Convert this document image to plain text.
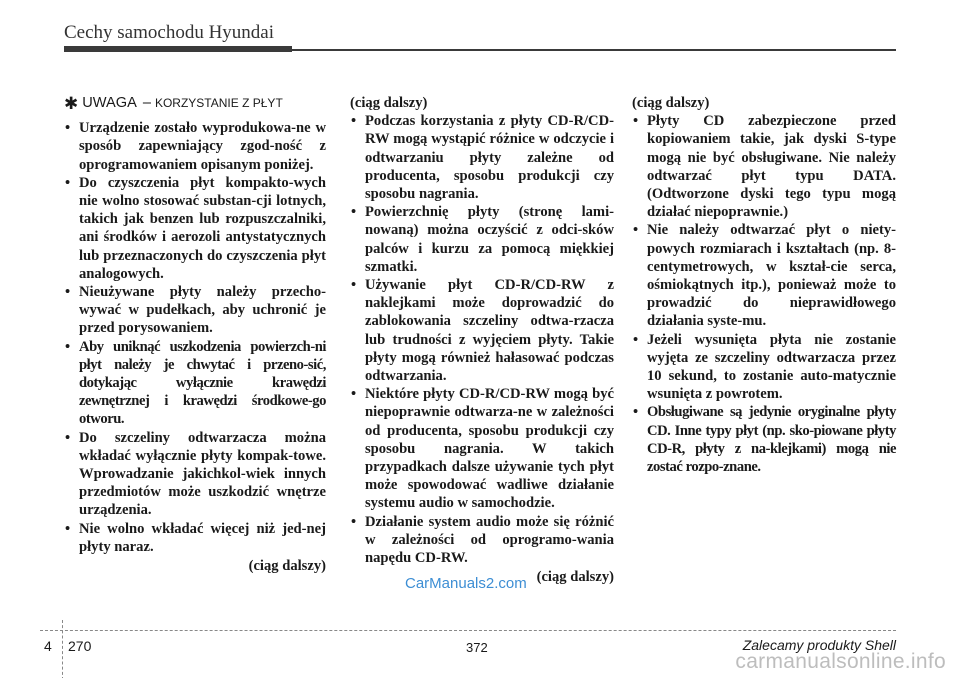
Cechy samochodu Hyundai
✱ UWAGA – KORZYSTANIE Z PŁYT
• Urządzenie zostało wyprodukowa-ne w sposób zapewniający zgod-ność z oprogramowaniem opisanym poniżej.
• Do czyszczenia płyt kompakto-wych nie wolno stosować substan-cji lotnych, takich jak benzen lub rozpuszczalniki, ani środków i aerozoli antystatycznych lub przeznaczonych do czyszczenia płyt analogowych.
• Nieużywane płyty należy przecho-wywać w pudełkach, aby uchronić je przed porysowaniem.
• Aby uniknąć uszkodzenia powierzch-ni płyt należy je chwytać i przeno-sić, dotykając wyłącznie krawędzi zewnętrznej i krawędzi środkowe-go otworu.
• Do szczeliny odtwarzacza można wkładać wyłącznie płyty kompak-towe. Wprowadzanie jakichkol-wiek innych przedmiotów może uszkodzić wnętrze urządzenia.
• Nie wolno wkładać więcej niż jed-nej płyty naraz.
(ciąg dalszy)
(ciąg dalszy)
• Podczas korzystania z płyty CD-R/CD-RW mogą wystąpić różnice w odczycie i odtwarzaniu płyty zależne od producenta, sposobu produkcji czy sposobu nagrania.
• Powierzchnię płyty (stronę lami-nowaną) można oczyścić z odci-sków palców i kurzu za pomocą miękkiej szmatki.
• Używanie płyt CD-R/CD-RW z naklejkami może doprowadzić do zablokowania szczeliny odtwa-rzacza lub trudności z wyjęciem płyty. Takie płyty mogą również hałasować podczas odtwarzania.
• Niektóre płyty CD-R/CD-RW mogą być niepoprawnie odtwarza-ne w zależności od producenta, sposobu produkcji czy sposobu nagrania. W takich przypadkach dalsze używanie tych płyt może spowodować wadliwe działanie systemu audio w samochodzie.
• Działanie system audio może się różnić w zależności od oprogramo-wania napędu CD-RW.
(ciąg dalszy)
(ciąg dalszy)
• Płyty CD zabezpieczone przed kopiowaniem takie, jak dyski S-type mogą nie być obsługiwane. Nie należy odtwarzać płyt typu DATA. (Odtworzone dyski tego typu mogą działać niepoprawnie.)
• Nie należy odtwarzać płyt o niety-powych rozmiarach i kształtach (np. 8-centymetrowych, w kształ-cie serca, ośmiokątnych itp.), ponieważ może to prowadzić do nieprawidłowego działania syste-mu.
• Jeżeli wysunięta płyta nie zostanie wyjęta ze szczeliny odtwarzacza przez 10 sekund, to zostanie auto-matycznie wsunięta z powrotem.
• Obsługiwane są jedynie oryginalne płyty CD. Inne typy płyt (np. sko-piowane płyty CD-R, płyty z na-klejkami) mogą nie zostać rozpo-znane.
CarManuals2.com
4 270	372	Zalecamy produkty Shell
carmanualsonline.info
